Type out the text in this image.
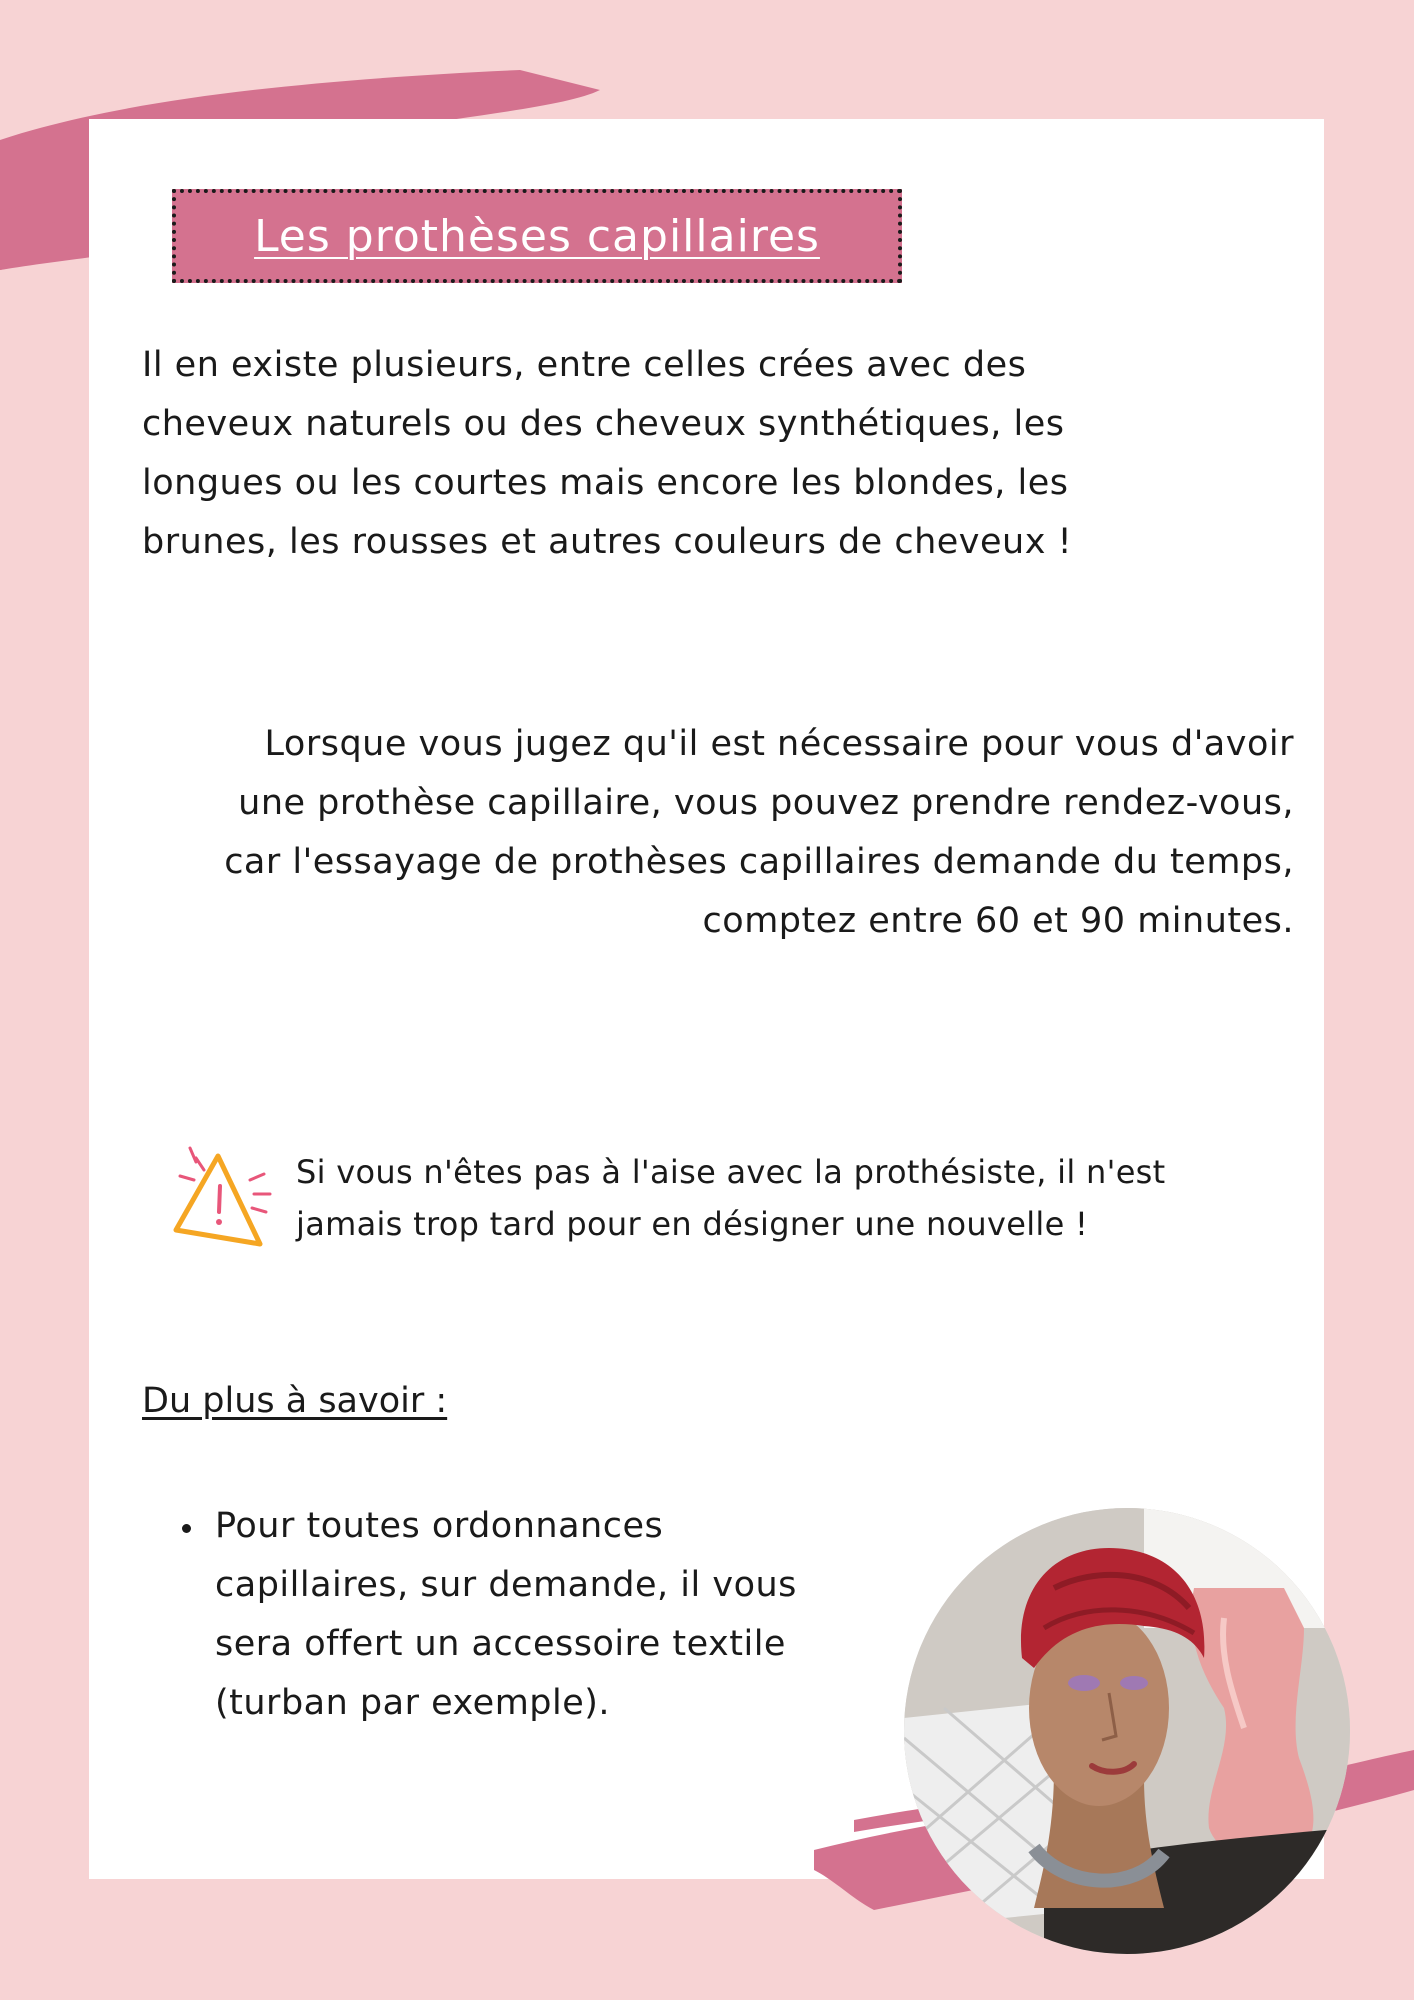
Les prothèses capillaires

Il en existe plusieurs, entre celles crées avec des cheveux naturels ou des cheveux synthétiques, les longues ou les courtes mais encore les blondes, les brunes, les rousses et autres couleurs de cheveux !

Lorsque vous jugez qu'il est nécessaire pour vous d'avoir une prothèse capillaire, vous pouvez prendre rendez-vous, car l'essayage de prothèses capillaires demande du temps, comptez entre 60 et 90 minutes.

Si vous n'êtes pas à l'aise avec la prothésiste, il n'est jamais trop tard pour en désigner une nouvelle !

Du plus à savoir :

Pour toutes ordonnances capillaires, sur demande, il vous sera offert un accessoire textile (turban par exemple).
